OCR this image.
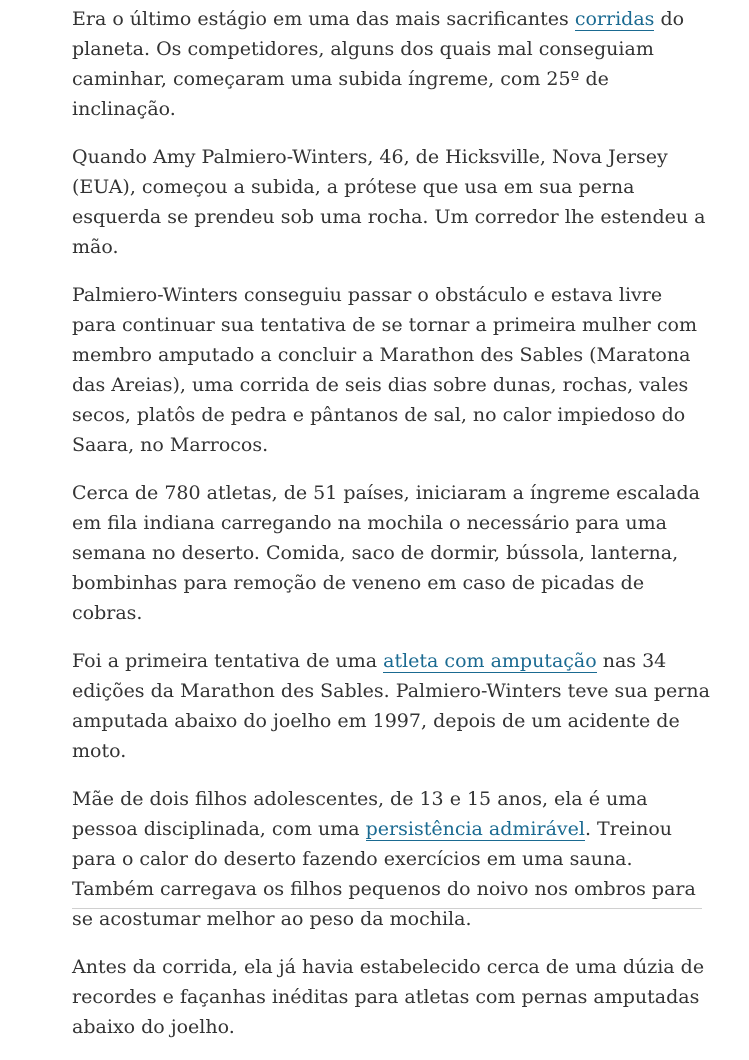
Era o último estágio em uma das mais sacrificantes corridas do planeta. Os competidores, alguns dos quais mal conseguiam caminhar, começaram uma subida íngreme, com 25º de inclinação.

Quando Amy Palmiero-Winters, 46, de Hicksville, Nova Jersey (EUA), começou a subida, a prótese que usa em sua perna esquerda se prendeu sob uma rocha. Um corredor lhe estendeu a mão.

Palmiero-Winters conseguiu passar o obstáculo e estava livre para continuar sua tentativa de se tornar a primeira mulher com membro amputado a concluir a Marathon des Sables (Maratona das Areias), uma corrida de seis dias sobre dunas, rochas, vales secos, platôs de pedra e pântanos de sal, no calor impiedoso do Saara, no Marrocos.

Cerca de 780 atletas, de 51 países, iniciaram a íngreme escalada em fila indiana carregando na mochila o necessário para uma semana no deserto. Comida, saco de dormir, bússola, lanterna, bombinhas para remoção de veneno em caso de picadas de cobras.

Foi a primeira tentativa de uma atleta com amputação nas 34 edições da Marathon des Sables. Palmiero-Winters teve sua perna amputada abaixo do joelho em 1997, depois de um acidente de moto.

Mãe de dois filhos adolescentes, de 13 e 15 anos, ela é uma pessoa disciplinada, com uma persistência admirável. Treinou para o calor do deserto fazendo exercícios em uma sauna. Também carregava os filhos pequenos do noivo nos ombros para se acostumar melhor ao peso da mochila.

Antes da corrida, ela já havia estabelecido cerca de uma dúzia de recordes e façanhas inéditas para atletas com pernas amputadas abaixo do joelho.
